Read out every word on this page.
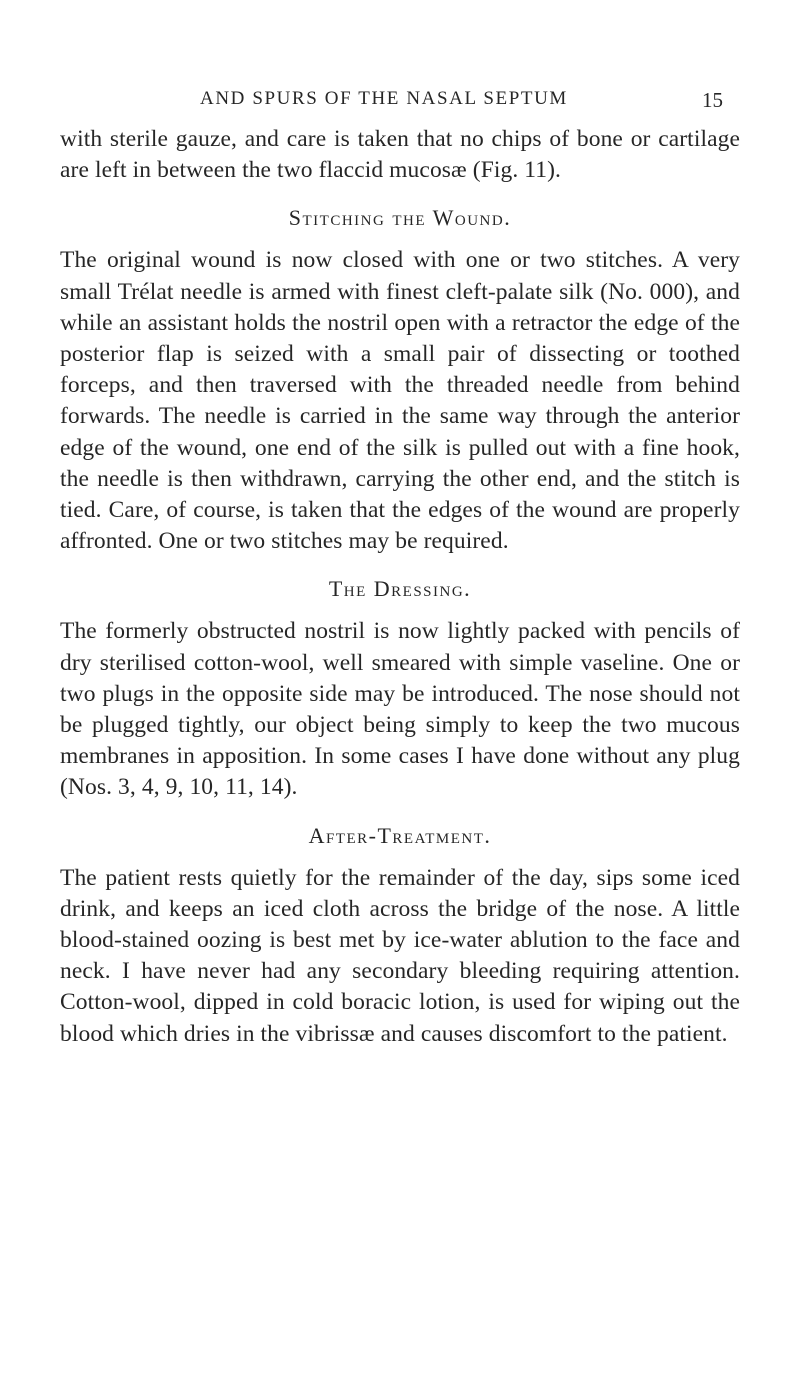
AND SPURS OF THE NASAL SEPTUM	15

with sterile gauze, and care is taken that no chips of bone or cartilage are left in between the two flaccid mucosæ (Fig. 11).

Stitching the Wound.

The original wound is now closed with one or two stitches. A very small Trélat needle is armed with finest cleft-palate silk (No. 000), and while an assistant holds the nostril open with a retractor the edge of the posterior flap is seized with a small pair of dissecting or toothed forceps, and then traversed with the threaded needle from behind forwards. The needle is carried in the same way through the anterior edge of the wound, one end of the silk is pulled out with a fine hook, the needle is then withdrawn, carrying the other end, and the stitch is tied. Care, of course, is taken that the edges of the wound are properly affronted. One or two stitches may be required.

The Dressing.

The formerly obstructed nostril is now lightly packed with pencils of dry sterilised cotton-wool, well smeared with simple vaseline. One or two plugs in the opposite side may be introduced. The nose should not be plugged tightly, our object being simply to keep the two mucous membranes in apposition. In some cases I have done without any plug (Nos. 3, 4, 9, 10, 11, 14).

After-Treatment.

The patient rests quietly for the remainder of the day, sips some iced drink, and keeps an iced cloth across the bridge of the nose. A little blood-stained oozing is best met by ice-water ablution to the face and neck. I have never had any secondary bleeding requiring attention. Cotton-wool, dipped in cold boracic lotion, is used for wiping out the blood which dries in the vibrissæ and causes discomfort to the patient.
